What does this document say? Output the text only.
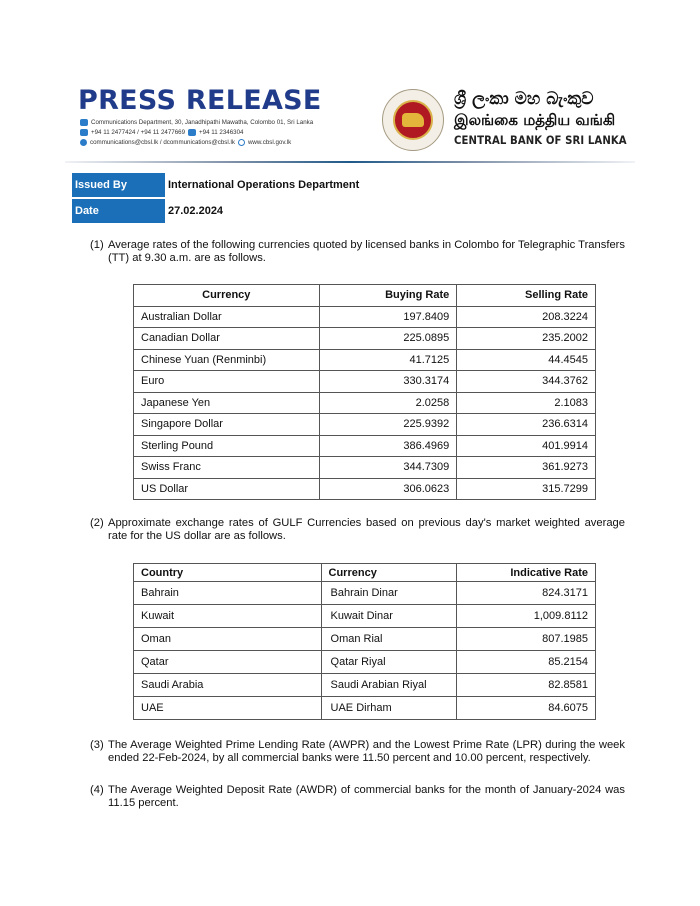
PRESS RELEASE
Communications Department, 30, Janadhipathi Mawatha, Colombo 01, Sri Lanka
+94 11 2477424 / +94 11 2477669 +94 11 2346304
communications@cbsl.lk / dcommunications@cbsl.lk www.cbsl.gov.lk
ශ්‍රී ලංකා මහ බැංකුව
இலங்கை மத்திய வங்கி
CENTRAL BANK OF SRI LANKA
Issued By	International Operations Department
Date	27.02.2024
(1) Average rates of the following currencies quoted by licensed banks in Colombo for Telegraphic Transfers (TT) at 9.30 a.m. are as follows.
Currency	Buying Rate	Selling Rate
Australian Dollar	197.8409	208.3224
Canadian Dollar	225.0895	235.2002
Chinese Yuan (Renminbi)	41.7125	44.4545
Euro	330.3174	344.3762
Japanese Yen	2.0258	2.1083
Singapore Dollar	225.9392	236.6314
Sterling Pound	386.4969	401.9914
Swiss Franc	344.7309	361.9273
US Dollar	306.0623	315.7299
(2) Approximate exchange rates of GULF Currencies based on previous day's market weighted average rate for the US dollar are as follows.
Country	Currency	Indicative Rate
Bahrain	Bahrain Dinar	824.3171
Kuwait	Kuwait Dinar	1,009.8112
Oman	Oman Rial	807.1985
Qatar	Qatar Riyal	85.2154
Saudi Arabia	Saudi Arabian Riyal	82.8581
UAE	UAE Dirham	84.6075
(3) The Average Weighted Prime Lending Rate (AWPR) and the Lowest Prime Rate (LPR) during the week ended 22-Feb-2024, by all commercial banks were 11.50 percent and 10.00 percent, respectively.
(4) The Average Weighted Deposit Rate (AWDR) of commercial banks for the month of January-2024 was 11.15 percent.
